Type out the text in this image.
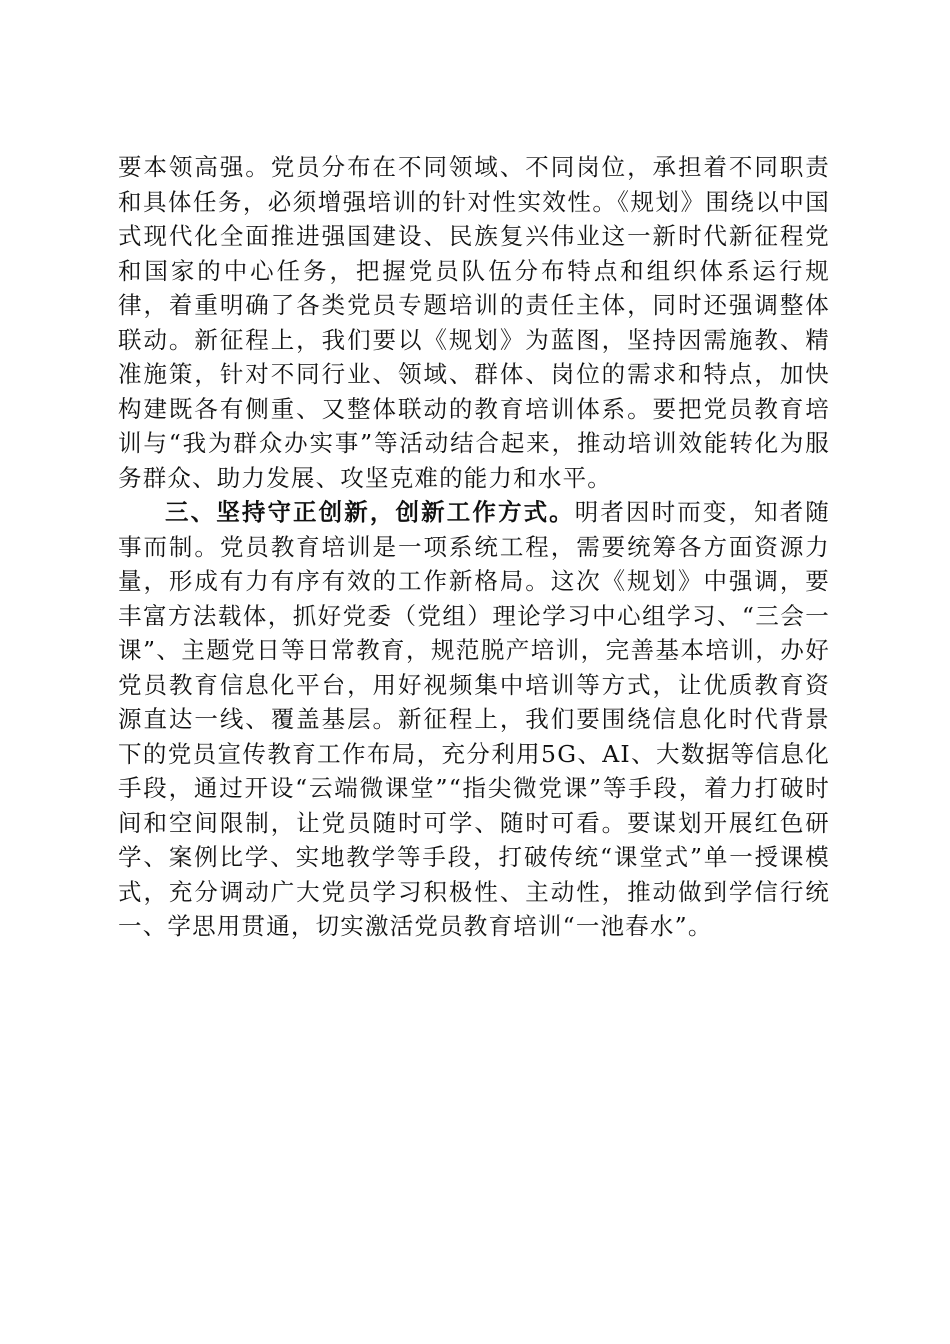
要本领高强。党员分布在不同领域、不同岗位，承担着不同职责和具体任务，必须增强培训的针对性实效性。《规划》围绕以中国式现代化全面推进强国建设、民族复兴伟业这一新时代新征程党和国家的中心任务，把握党员队伍分布特点和组织体系运行规律，着重明确了各类党员专题培训的责任主体，同时还强调整体联动。新征程上，我们要以《规划》为蓝图，坚持因需施教、精准施策，针对不同行业、领域、群体、岗位的需求和特点，加快构建既各有侧重、又整体联动的教育培训体系。要把党员教育培训与“我为群众办实事”等活动结合起来，推动培训效能转化为服务群众、助力发展、攻坚克难的能力和水平。

三、坚持守正创新，创新工作方式。明者因时而变，知者随事而制。党员教育培训是一项系统工程，需要统筹各方面资源力量，形成有力有序有效的工作新格局。这次《规划》中强调，要丰富方法载体，抓好党委（党组）理论学习中心组学习、“三会一课”、主题党日等日常教育，规范脱产培训，完善基本培训，办好党员教育信息化平台，用好视频集中培训等方式，让优质教育资源直达一线、覆盖基层。新征程上，我们要围绕信息化时代背景下的党员宣传教育工作布局，充分利用5G、AI、大数据等信息化手段，通过开设“云端微课堂”“指尖微党课”等手段，着力打破时间和空间限制，让党员随时可学、随时可看。要谋划开展红色研学、案例比学、实地教学等手段，打破传统“课堂式”单一授课模式，充分调动广大党员学习积极性、主动性，推动做到学信行统一、学思用贯通，切实激活党员教育培训“一池春水”。
